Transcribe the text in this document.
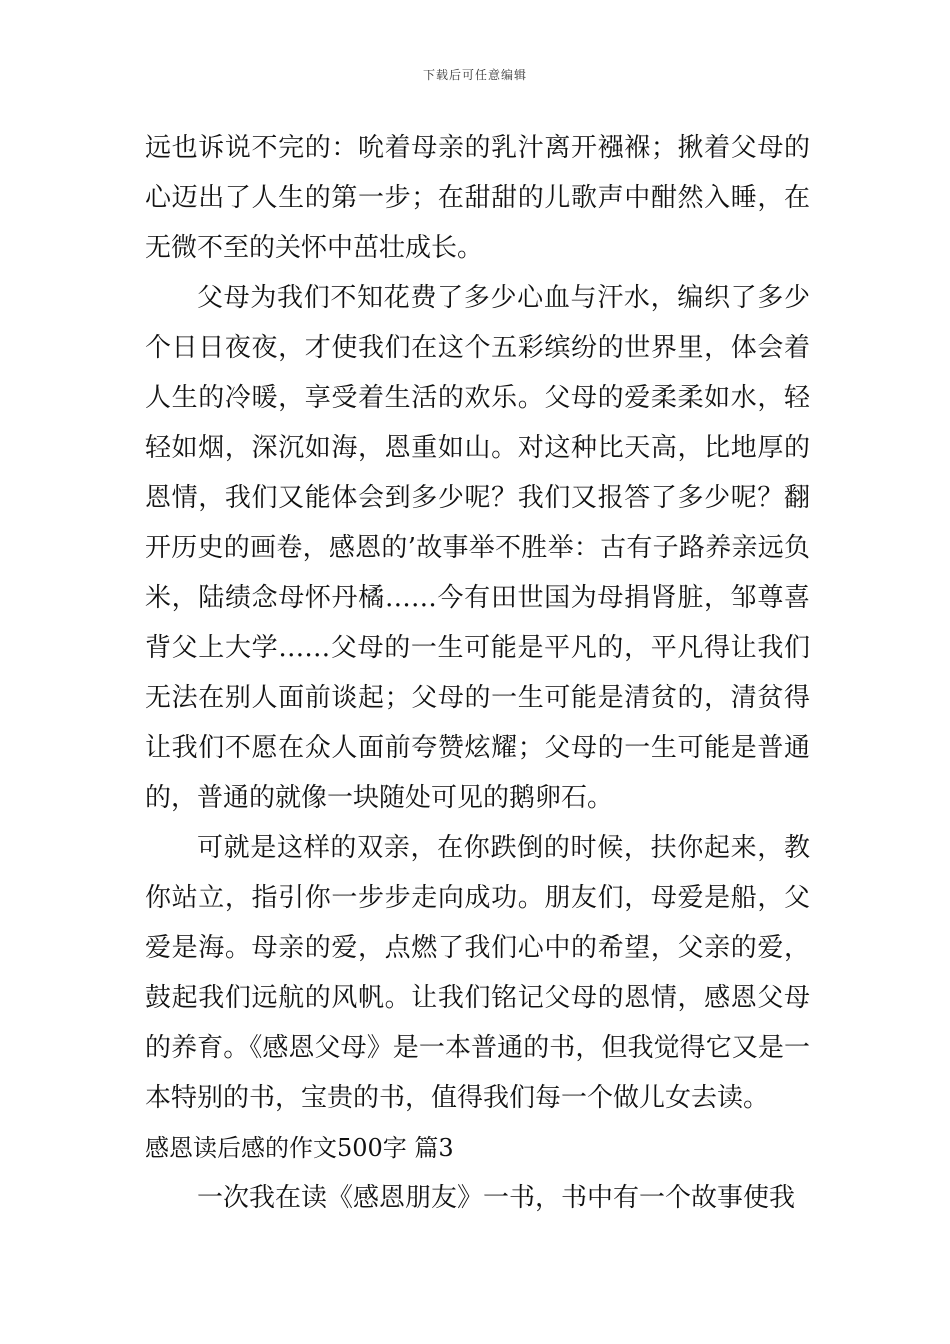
下载后可任意编辑

远也诉说不完的：吮着母亲的乳汁离开襁褓；揪着父母的心迈出了人生的第一步；在甜甜的儿歌声中酣然入睡，在无微不至的关怀中茁壮成长。

父母为我们不知花费了多少心血与汗水，编织了多少个日日夜夜，才使我们在这个五彩缤纷的世界里，体会着人生的冷暖，享受着生活的欢乐。父母的爱柔柔如水，轻轻如烟，深沉如海，恩重如山。对这种比天高，比地厚的恩情，我们又能体会到多少呢？我们又报答了多少呢？翻开历史的画卷，感恩的’故事举不胜举：古有子路养亲远负米，陆绩念母怀丹橘……今有田世国为母捐肾脏，邹尊喜背父上大学……父母的一生可能是平凡的，平凡得让我们无法在别人面前谈起；父母的一生可能是清贫的，清贫得让我们不愿在众人面前夸赞炫耀；父母的一生可能是普通的，普通的就像一块随处可见的鹅卵石。

可就是这样的双亲，在你跌倒的时候，扶你起来，教你站立，指引你一步步走向成功。朋友们，母爱是船，父爱是海。母亲的爱，点燃了我们心中的希望，父亲的爱，鼓起我们远航的风帆。让我们铭记父母的恩情，感恩父母的养育。《感恩父母》是一本普通的书，但我觉得它又是一本特别的书，宝贵的书，值得我们每一个做儿女去读。

感恩读后感的作文500字 篇3

一次我在读《感恩朋友》一书，书中有一个故事使我
